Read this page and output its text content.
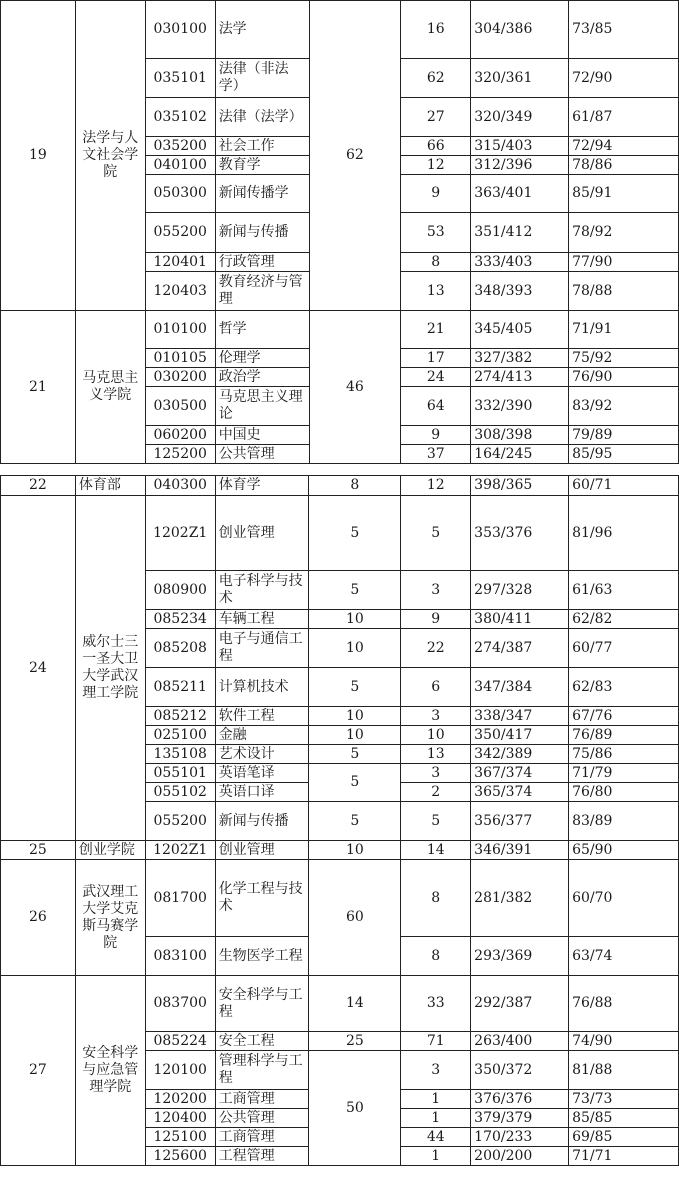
19	法学与人文社会学院	030100	法学	62	16	304/386	73/85
		035101	法律（非法学）		62	320/361	72/90
		035102	法律（法学）		27	320/349	61/87
		035200	社会工作		66	315/403	72/94
		040100	教育学		12	312/396	78/86
		050300	新闻传播学		9	363/401	85/91
		055200	新闻与传播		53	351/412	78/92
		120401	行政管理		8	333/403	77/90
		120403	教育经济与管理		13	348/393	78/88
21	马克思主义学院	010100	哲学	46	21	345/405	71/91
		010105	伦理学		17	327/382	75/92
		030200	政治学		24	274/413	76/90
		030500	马克思主义理论		64	332/390	83/92
		060200	中国史		9	308/398	79/89
		125200	公共管理		37	164/245	85/95
22	体育部	040300	体育学	8	12	398/365	60/71
24	威尔士三一圣大卫大学武汉理工学院	1202Z1	创业管理	5	5	353/376	81/96
		080900	电子科学与技术	5	3	297/328	61/63
		085234	车辆工程	10	9	380/411	62/82
		085208	电子与通信工程	10	22	274/387	60/77
		085211	计算机技术	5	6	347/384	62/83
		085212	软件工程	10	3	338/347	67/76
		025100	金融	10	10	350/417	76/89
		135108	艺术设计	5	13	342/389	75/86
		055101	英语笔译	5	3	367/374	71/79
		055102	英语口译		2	365/374	76/80
		055200	新闻与传播	5	5	356/377	83/89
25	创业学院	1202Z1	创业管理	10	14	346/391	65/90
26	武汉理工大学艾克斯马赛学院	081700	化学工程与技术	60	8	281/382	60/70
		083100	生物医学工程		8	293/369	63/74
27	安全科学与应急管理学院	083700	安全科学与工程	14	33	292/387	76/88
		085224	安全工程	25	71	263/400	74/90
		120100	管理科学与工程	50	3	350/372	81/88
		120200	工商管理		1	376/376	73/73
		120400	公共管理		1	379/379	85/85
		125100	工商管理		44	170/233	69/85
		125600	工程管理		1	200/200	71/71
